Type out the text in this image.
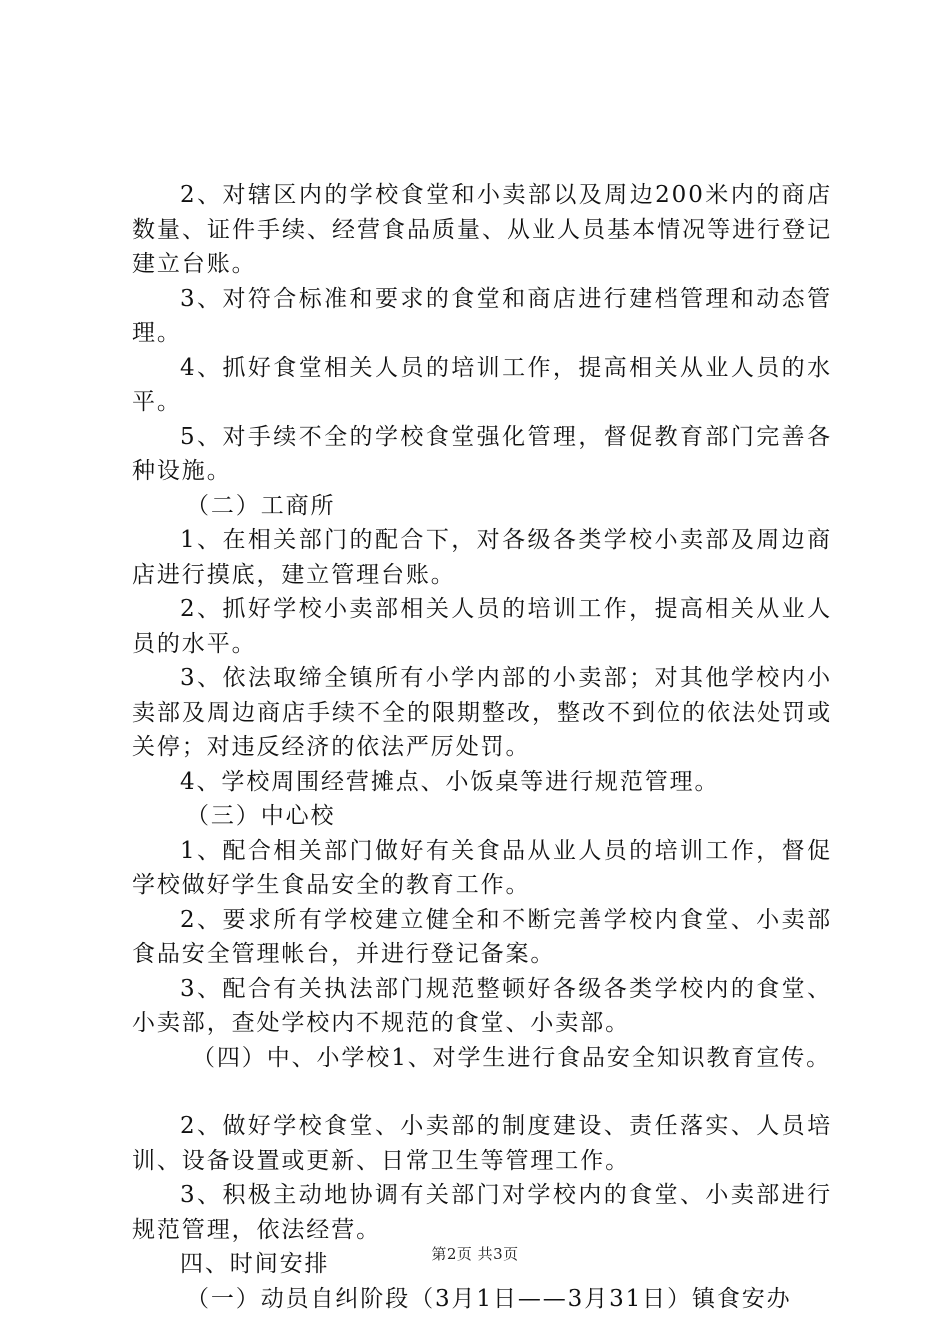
2、对辖区内的学校食堂和小卖部以及周边200米内的商店数量、证件手续、经营食品质量、从业人员基本情况等进行登记建立台账。

3、对符合标准和要求的食堂和商店进行建档管理和动态管理。

4、抓好食堂相关人员的培训工作，提高相关从业人员的水平。

5、对手续不全的学校食堂强化管理，督促教育部门完善各种设施。

（二）工商所

1、在相关部门的配合下，对各级各类学校小卖部及周边商店进行摸底，建立管理台账。

2、抓好学校小卖部相关人员的培训工作，提高相关从业人员的水平。

3、依法取缔全镇所有小学内部的小卖部；对其他学校内小卖部及周边商店手续不全的限期整改，整改不到位的依法处罚或关停；对违反经济的依法严厉处罚。

4、学校周围经营摊点、小饭桌等进行规范管理。

（三）中心校

1、配合相关部门做好有关食品从业人员的培训工作，督促学校做好学生食品安全的教育工作。

2、要求所有学校建立健全和不断完善学校内食堂、小卖部食品安全管理帐台，并进行登记备案。

3、配合有关执法部门规范整顿好各级各类学校内的食堂、小卖部，查处学校内不规范的食堂、小卖部。

（四）中、小学校1、对学生进行食品安全知识教育宣传。

2、做好学校食堂、小卖部的制度建设、责任落实、人员培训、设备设置或更新、日常卫生等管理工作。

3、积极主动地协调有关部门对学校内的食堂、小卖部进行规范管理，依法经营。

四、时间安排

（一）动员自纠阶段（3月1日——3月31日）镇食安办

第2页 共3页
